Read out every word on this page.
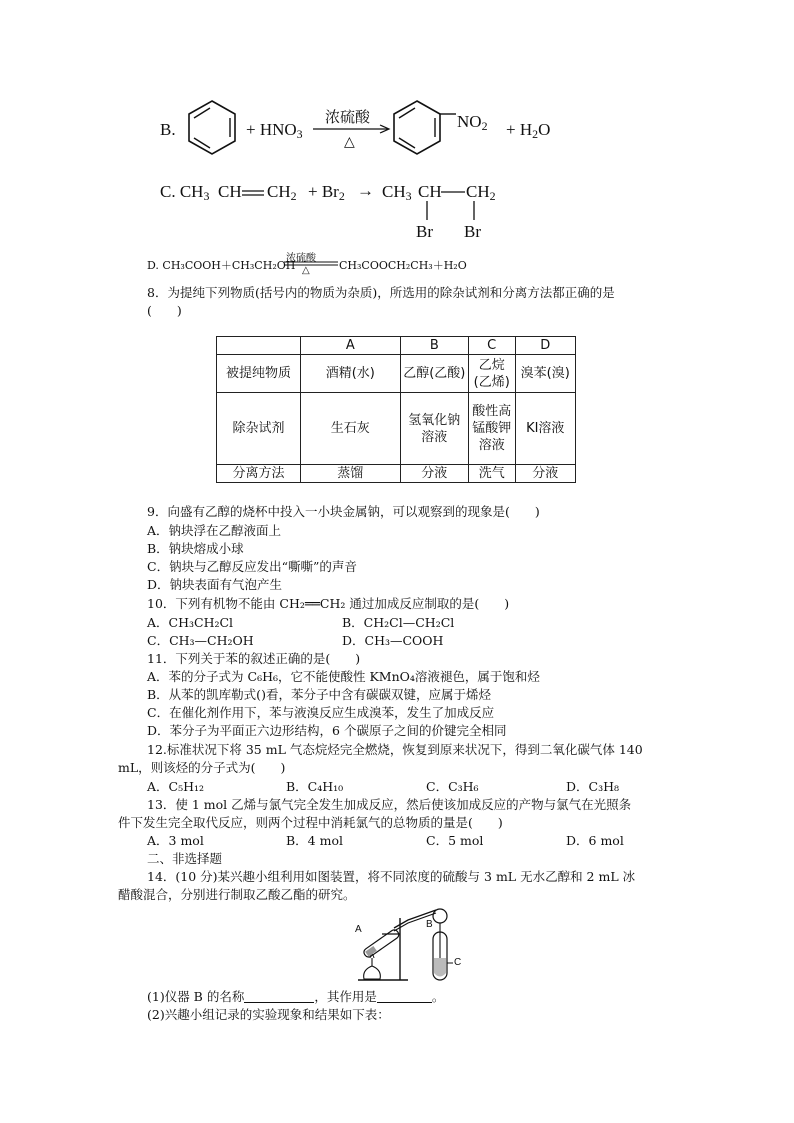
B.	+ $HNO_3$
浓硫酸
△
$NO_2 + H_2O$
C. $CH_3$ CH $CH_2 + Br_2 \to CH_3$ CH $CH_2$
Br Br
D. CH₃COOH＋CH₃CH₂OH
浓硫酸
△	CH₃COOCH₂CH₃＋H₂O
8．为提纯下列物质(括号内的物质为杂质)，所选用的除杂试剂和分离方法都正确的是
(　　)
	A	B	C	D
被提纯物质	酒精(水)	乙醇(乙酸)	乙烷(乙烯)	溴苯(溴)
除杂试剂	生石灰	氢氧化钠溶液	酸性高锰酸钾溶液	KI溶液
分离方法	蒸馏	分液	洗气	分液
9．向盛有乙醇的烧杯中投入一小块金属钠，可以观察到的现象是(　　)
A．钠块浮在乙醇液面上
B．钠块熔成小球
C．钠块与乙醇反应发出“嘶嘶”的声音
D．钠块表面有气泡产生
10．下列有机物不能由 CH₂══CH₂ 通过加成反应制取的是(　　)
A．CH₃CH₂Cl	B．CH₂Cl—CH₂Cl
C．CH₃—CH₂OH	D．CH₃—COOH
11．下列关于苯的叙述正确的是(　　)
A．苯的分子式为 C₆H₆，它不能使酸性 KMnO₄溶液褪色，属于饱和烃
B．从苯的凯库勒式()看，苯分子中含有碳碳双键，应属于烯烃
C．在催化剂作用下，苯与液溴反应生成溴苯，发生了加成反应
D．苯分子为平面正六边形结构，6 个碳原子之间的价键完全相同
12.标准状况下将 35 mL 气态烷烃完全燃烧，恢复到原来状况下，得到二氧化碳气体 140
mL，则该烃的分子式为(　　)
A．C₅H₁₂	B．C₄H₁₀	C．C₃H₆	D．C₃H₈
13．使 1 mol 乙烯与氯气完全发生加成反应，然后使该加成反应的产物与氯气在光照条
件下发生完全取代反应，则两个过程中消耗氯气的总物质的量是(　　)
A．3 mol	B．4 mol	C．5 mol	D．6 mol
二、非选择题
14．(10 分)某兴趣小组利用如图装置，将不同浓度的硫酸与 3 mL 无水乙醇和 2 mL 冰
醋酸混合，分别进行制取乙酸乙酯的研究。
A	B
C
(1)仪器 B 的名称	，其作用是	。
(2)兴趣小组记录的实验现象和结果如下表：
